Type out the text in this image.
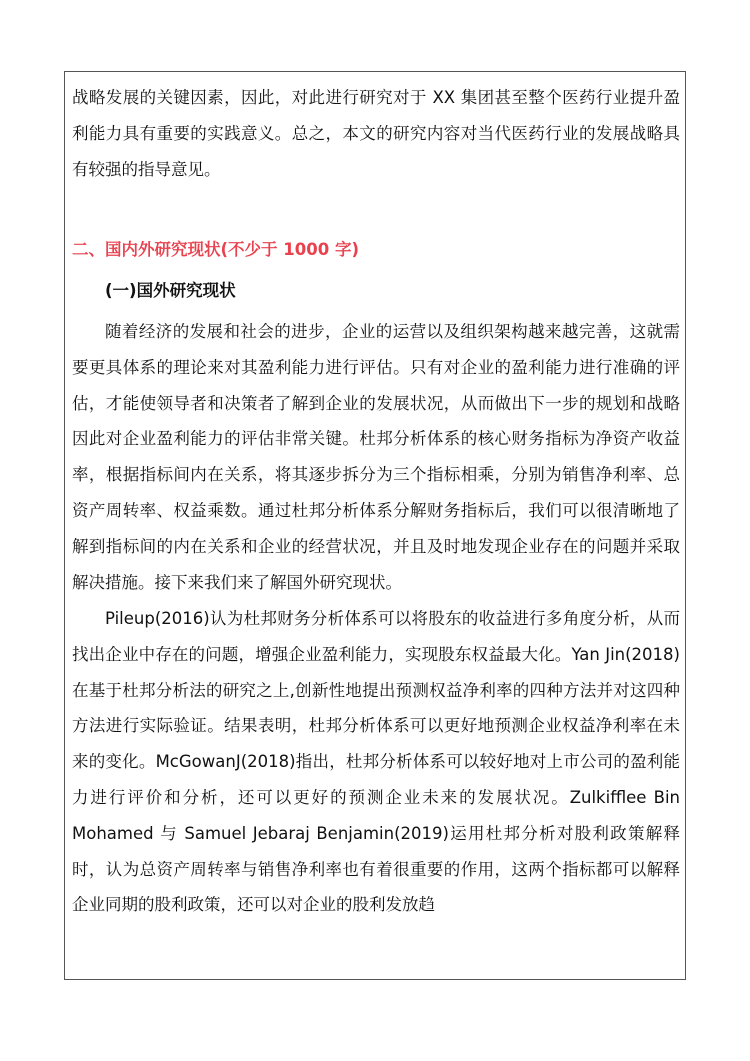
战略发展的关键因素，因此，对此进行研究对于 XX 集团甚至整个医药行业提升盈利能力具有重要的实践意义。总之，本文的研究内容对当代医药行业的发展战略具有较强的指导意见。

二、国内外研究现状(不少于 1000 字)
(一)国外研究现状

随着经济的发展和社会的进步，企业的运营以及组织架构越来越完善，这就需要更具体系的理论来对其盈利能力进行评估。只有对企业的盈利能力进行准确的评估，才能使领导者和决策者了解到企业的发展状况，从而做出下一步的规划和战略因此对企业盈利能力的评估非常关键。杜邦分析体系的核心财务指标为净资产收益率，根据指标间内在关系，将其逐步拆分为三个指标相乘，分别为销售净利率、总资产周转率、权益乘数。通过杜邦分析体系分解财务指标后，我们可以很清晰地了解到指标间的内在关系和企业的经营状况，并且及时地发现企业存在的问题并采取解决措施。接下来我们来了解国外研究现状。

Pileup(2016)认为杜邦财务分析体系可以将股东的收益进行多角度分析，从而找出企业中存在的问题，增强企业盈利能力，实现股东权益最大化。Yan Jin(2018)在基于杜邦分析法的研究之上,创新性地提出预测权益净利率的四种方法并对这四种方法进行实际验证。结果表明，杜邦分析体系可以更好地预测企业权益净利率在未来的变化。McGowanJ(2018)指出，杜邦分析体系可以较好地对上市公司的盈利能力进行评价和分析，还可以更好的预测企业未来的发展状况。Zulkifflee Bin Mohamed 与 Samuel Jebaraj Benjamin(2019)运用杜邦分析对股利政策解释时，认为总资产周转率与销售净利率也有着很重要的作用，这两个指标都可以解释企业同期的股利政策，还可以对企业的股利发放趋
